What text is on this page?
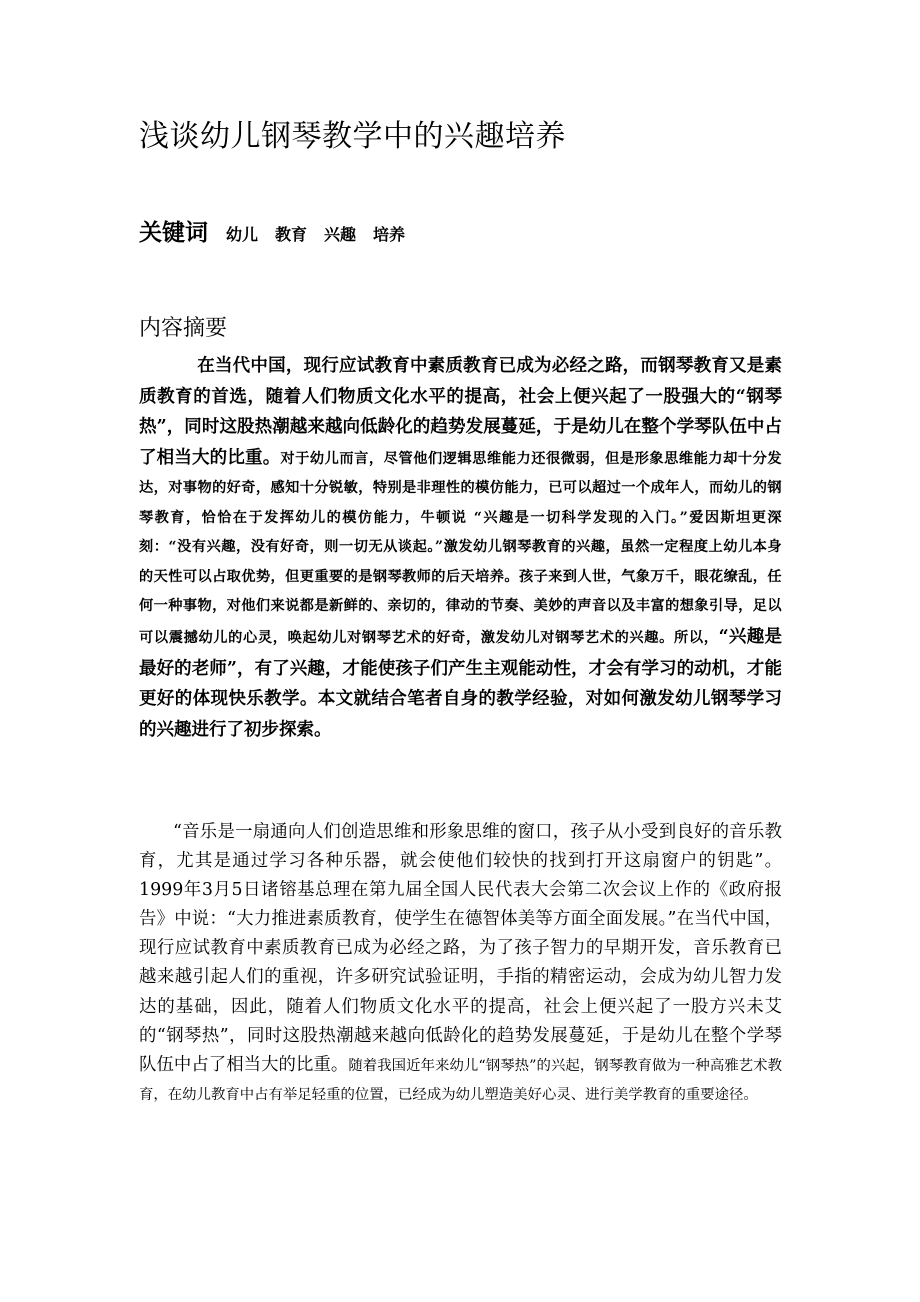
浅谈幼儿钢琴教学中的兴趣培养
关键词 幼儿 教育 兴趣 培养
内容摘要

在当代中国，现行应试教育中素质教育已成为必经之路，而钢琴教育又是素质教育的首选，随着人们物质文化水平的提高，社会上便兴起了一股强大的“钢琴热”，同时这股热潮越来越向低龄化的趋势发展蔓延，于是幼儿在整个学琴队伍中占了相当大的比重。对于幼儿而言，尽管他们逻辑思维能力还很微弱，但是形象思维能力却十分发达，对事物的好奇，感知十分锐敏，特别是非理性的模仿能力，已可以超过一个成年人，而幼儿的钢琴教育，恰恰在于发挥幼儿的模仿能力，牛顿说 “兴趣是一切科学发现的入门。”爱因斯坦更深刻：“没有兴趣，没有好奇，则一切无从谈起。”激发幼儿钢琴教育的兴趣，虽然一定程度上幼儿本身的天性可以占取优势，但更重要的是钢琴教师的后天培养。孩子来到人世，气象万千，眼花缭乱，任何一种事物，对他们来说都是新鲜的、亲切的，律动的节奏、美妙的声音以及丰富的想象引导，足以可以震撼幼儿的心灵，唤起幼儿对钢琴艺术的好奇，激发幼儿对钢琴艺术的兴趣。所以，“兴趣是最好的老师”，有了兴趣，才能使孩子们产生主观能动性，才会有学习的动机，才能更好的体现快乐教学。本文就结合笔者自身的教学经验，对如何激发幼儿钢琴学习的兴趣进行了初步探索。

“音乐是一扇通向人们创造思维和形象思维的窗口，孩子从小受到良好的音乐教育，尤其是通过学习各种乐器，就会使他们较快的找到打开这扇窗户的钥匙”。1999年3月5日诸镕基总理在第九届全国人民代表大会第二次会议上作的《政府报告》中说：“大力推进素质教育，使学生在德智体美等方面全面发展。”在当代中国，现行应试教育中素质教育已成为必经之路，为了孩子智力的早期开发，音乐教育已越来越引起人们的重视，许多研究试验证明，手指的精密运动，会成为幼儿智力发达的基础，因此，随着人们物质文化水平的提高，社会上便兴起了一股方兴未艾的“钢琴热”，同时这股热潮越来越向低龄化的趋势发展蔓延，于是幼儿在整个学琴队伍中占了相当大的比重。随着我国近年来幼儿“钢琴热”的兴起，钢琴教育做为一种高雅艺术教育，在幼儿教育中占有举足轻重的位置，已经成为幼儿塑造美好心灵、进行美学教育的重要途径。
